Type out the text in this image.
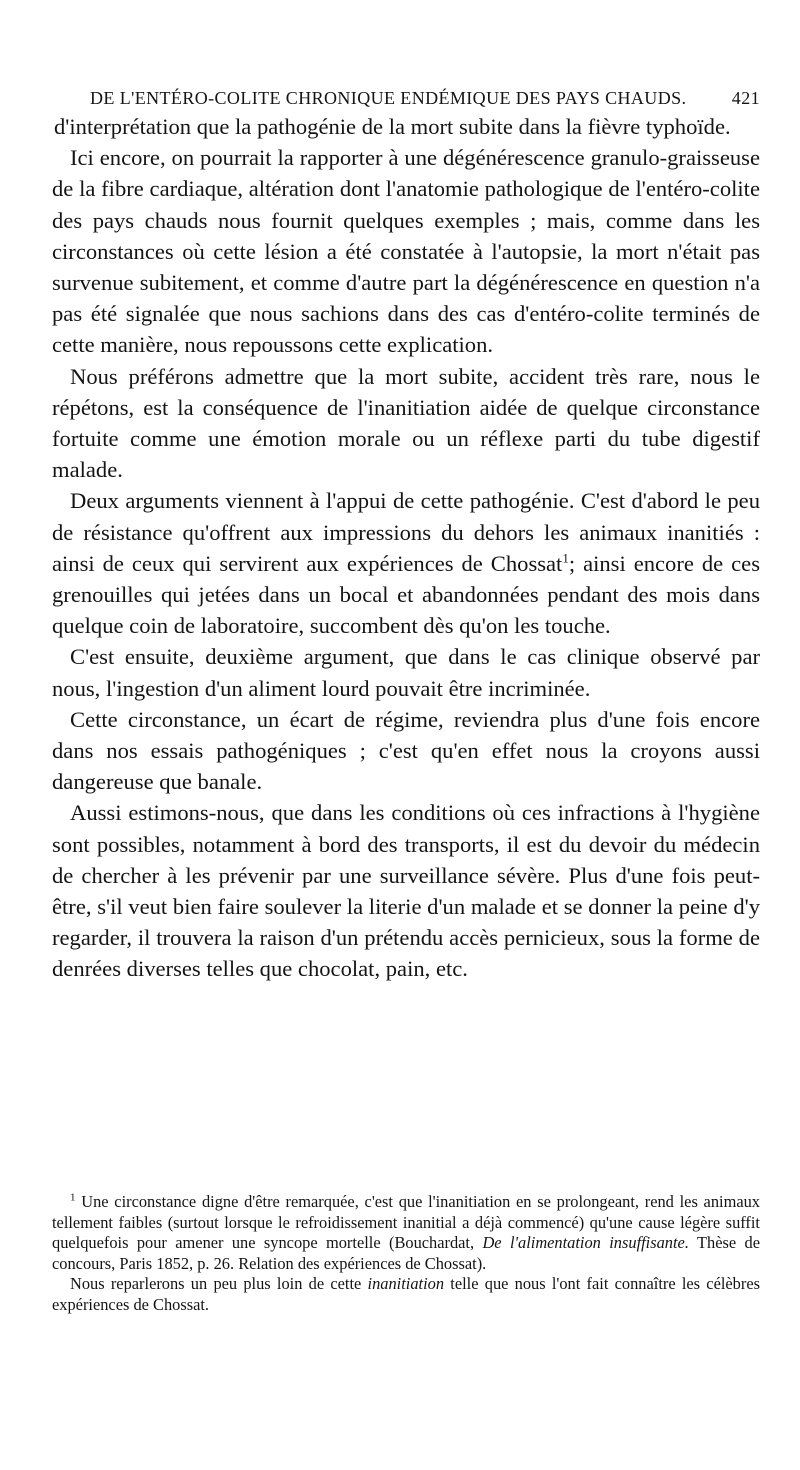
DE L'ENTÉRO-COLITE CHRONIQUE ENDÉMIQUE DES PAYS CHAUDS.	421

d'interprétation que la pathogénie de la mort subite dans la fièvre typhoïde.

Ici encore, on pourrait la rapporter à une dégénérescence granulo-graisseuse de la fibre cardiaque, altération dont l'anatomie pathologique de l'entéro-colite des pays chauds nous fournit quelques exemples ; mais, comme dans les circonstances où cette lésion a été constatée à l'autopsie, la mort n'était pas survenue subitement, et comme d'autre part la dégénérescence en question n'a pas été signalée que nous sachions dans des cas d'entéro-colite terminés de cette manière, nous repoussons cette explication.

Nous préférons admettre que la mort subite, accident très rare, nous le répétons, est la conséquence de l'inanitiation aidée de quelque circonstance fortuite comme une émotion morale ou un réflexe parti du tube digestif malade.

Deux arguments viennent à l'appui de cette pathogénie. C'est d'abord le peu de résistance qu'offrent aux impressions du dehors les animaux inanitiés : ainsi de ceux qui servirent aux expériences de Chossat$^1$; ainsi encore de ces grenouilles qui jetées dans un bocal et abandonnées pendant des mois dans quelque coin de laboratoire, succombent dès qu'on les touche.

C'est ensuite, deuxième argument, que dans le cas clinique observé par nous, l'ingestion d'un aliment lourd pouvait être incriminée.

Cette circonstance, un écart de régime, reviendra plus d'une fois encore dans nos essais pathogéniques ; c'est qu'en effet nous la croyons aussi dangereuse que banale.

Aussi estimons-nous, que dans les conditions où ces infractions à l'hygiène sont possibles, notamment à bord des transports, il est du devoir du médecin de chercher à les prévenir par une surveillance sévère. Plus d'une fois peut-être, s'il veut bien faire soulever la literie d'un malade et se donner la peine d'y regarder, il trouvera la raison d'un prétendu accès pernicieux, sous la forme de denrées diverses telles que chocolat, pain, etc.

$^1$ Une circonstance digne d'être remarquée, c'est que l'inanitiation en se prolongeant, rend les animaux tellement faibles (surtout lorsque le refroidissement inanitial a déjà commencé) qu'une cause légère suffit quelquefois pour amener une syncope mortelle (Bouchardat, De l'alimentation insuffisante. Thèse de concours, Paris 1852, p. 26. Relation des expériences de Chossat).

Nous reparlerons un peu plus loin de cette inanitiation telle que nous l'ont fait connaître les célèbres expériences de Chossat.
